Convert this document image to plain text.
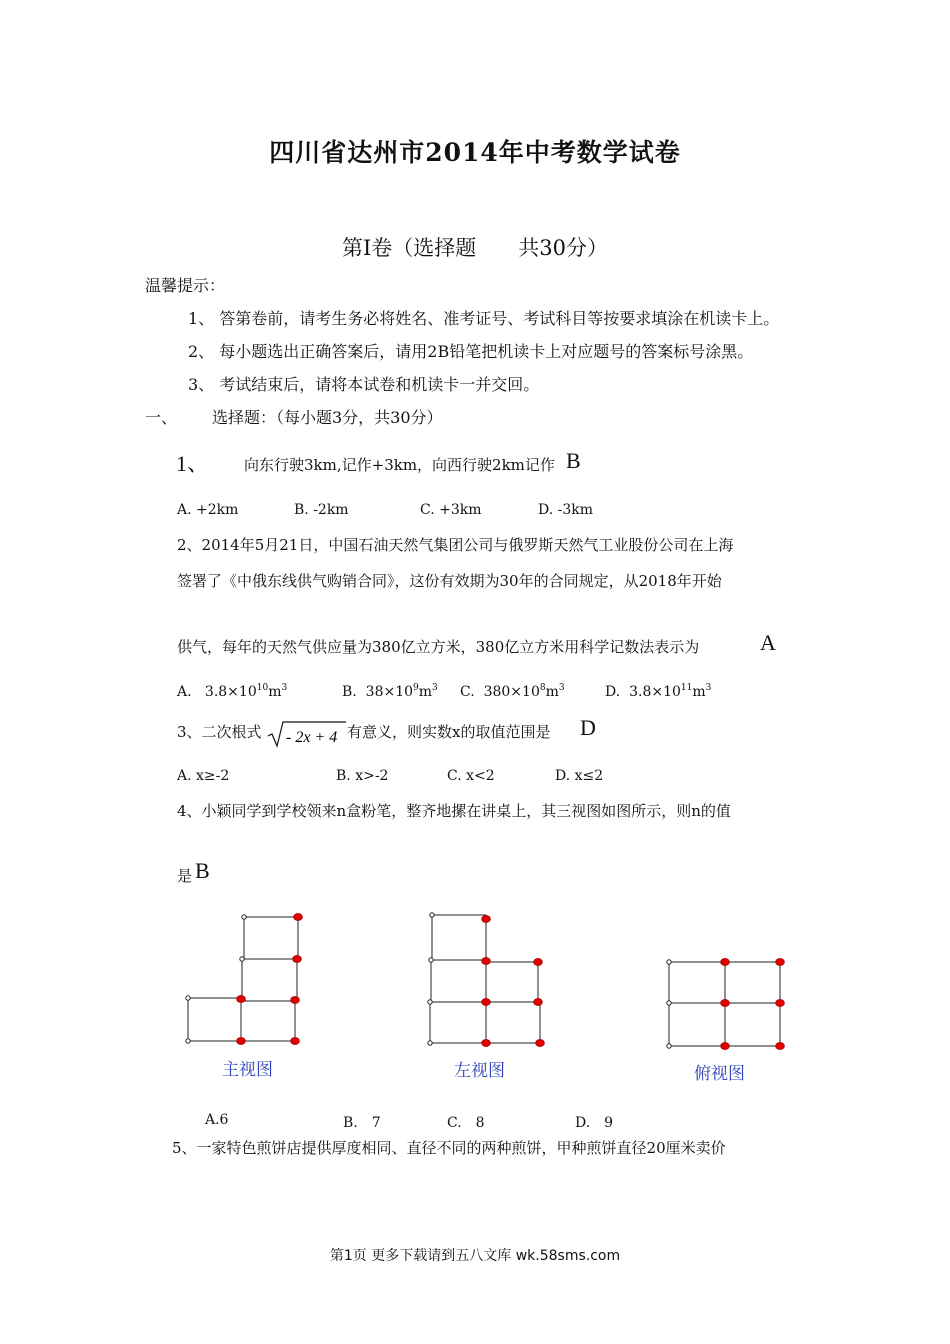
四川省达州市2014年中考数学试卷
第Ⅰ卷（选择题　　共30分）
温馨提示：
1、 答第卷前，请考生务必将姓名、准考证号、考试科目等按要求填涂在机读卡上。
2、 每小题选出正确答案后，请用2B铅笔把机读卡上对应题号的答案标号涂黑。
3、 考试结束后，请将本试卷和机读卡一并交回。
一、 选择题：（每小题3分，共30分）
1、 向东行驶3km,记作+3km，向西行驶2km记作 B
A. +2km	B. -2km	C. +3km	D. -3km
2、2014年5月21日，中国石油天然气集团公司与俄罗斯天然气工业股份公司在上海
签署了《中俄东线供气购销合同》，这份有效期为30年的合同规定，从2018年开始
供气，每年的天然气供应量为380亿立方米，380亿立方米用科学记数法表示为	A
A. $3.8\times 10^{10}m^3$	B. $38\times 10^9m^3$ C. $380\times 10^8m^3$	D. $3.8\times 10^{11}m^3$
3、二次根式 - 2x + 4 有意义，则实数x的取值范围是 D
A. x≥-2	B. x>-2	C. x<2	D. x≤2
4、小颖同学到学校领来n盒粉笔，整齐地摞在讲桌上，其三视图如图所示，则n的值
是 B
主视图	左视图	俯视图
A.6	B.　7	C.　8	D.　9
5、一家特色煎饼店提供厚度相同、直径不同的两种煎饼，甲种煎饼直径20厘米卖价
第1页 更多下载请到五八文库 wk.58sms.com
